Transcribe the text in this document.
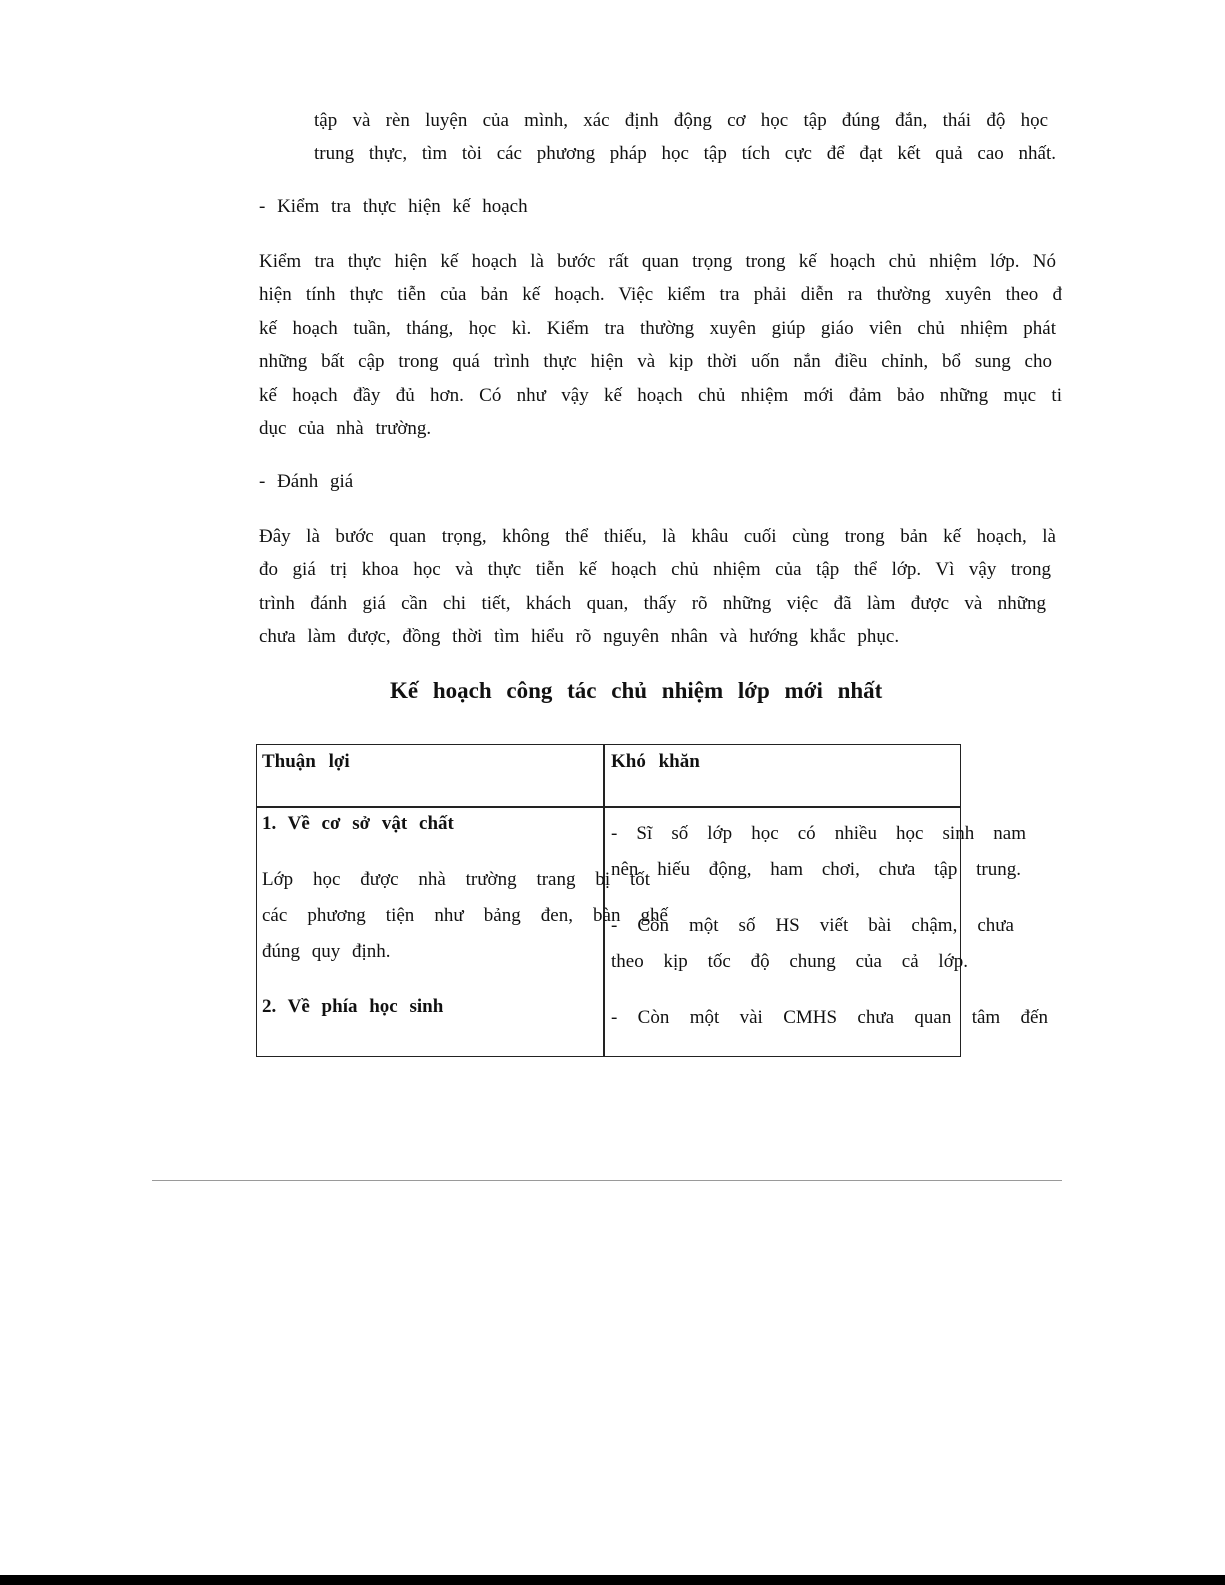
tập và rèn luyện của mình, xác định động cơ học tập đúng đắn, thái độ học
trung thực, tìm tòi các phương pháp học tập tích cực để đạt kết quả cao nhất.
- Kiểm tra thực hiện kế hoạch
Kiểm tra thực hiện kế hoạch là bước rất quan trọng trong kế hoạch chủ nhiệm lớp. Nó
hiện tính thực tiễn của bản kế hoạch. Việc kiểm tra phải diễn ra thường xuyên theo đ
kế hoạch tuần, tháng, học kì. Kiểm tra thường xuyên giúp giáo viên chủ nhiệm phát
những bất cập trong quá trình thực hiện và kịp thời uốn nắn điều chỉnh, bổ sung cho
kế hoạch đầy đủ hơn. Có như vậy kế hoạch chủ nhiệm mới đảm bảo những mục ti
dục của nhà trường.
- Đánh giá
Đây là bước quan trọng, không thể thiếu, là khâu cuối cùng trong bản kế hoạch, là
đo giá trị khoa học và thực tiễn kế hoạch chủ nhiệm của tập thể lớp. Vì vậy trong
trình đánh giá cần chi tiết, khách quan, thấy rõ những việc đã làm được và những
chưa làm được, đồng thời tìm hiểu rõ nguyên nhân và hướng khắc phục.
Kế hoạch công tác chủ nhiệm lớp mới nhất
Thuận lợi	Khó khăn
1. Về cơ sở vật chất
Lớp học được nhà trường trang bị tốt
các phương tiện như bảng đen, bàn ghế
đúng quy định.
2. Về phía học sinh
- Sĩ số lớp học có nhiều học sinh nam
nên hiếu động, ham chơi, chưa tập trung.
- Còn một số HS viết bài chậm, chưa
theo kịp tốc độ chung của cả lớp.
- Còn một vài CMHS chưa quan tâm đến
